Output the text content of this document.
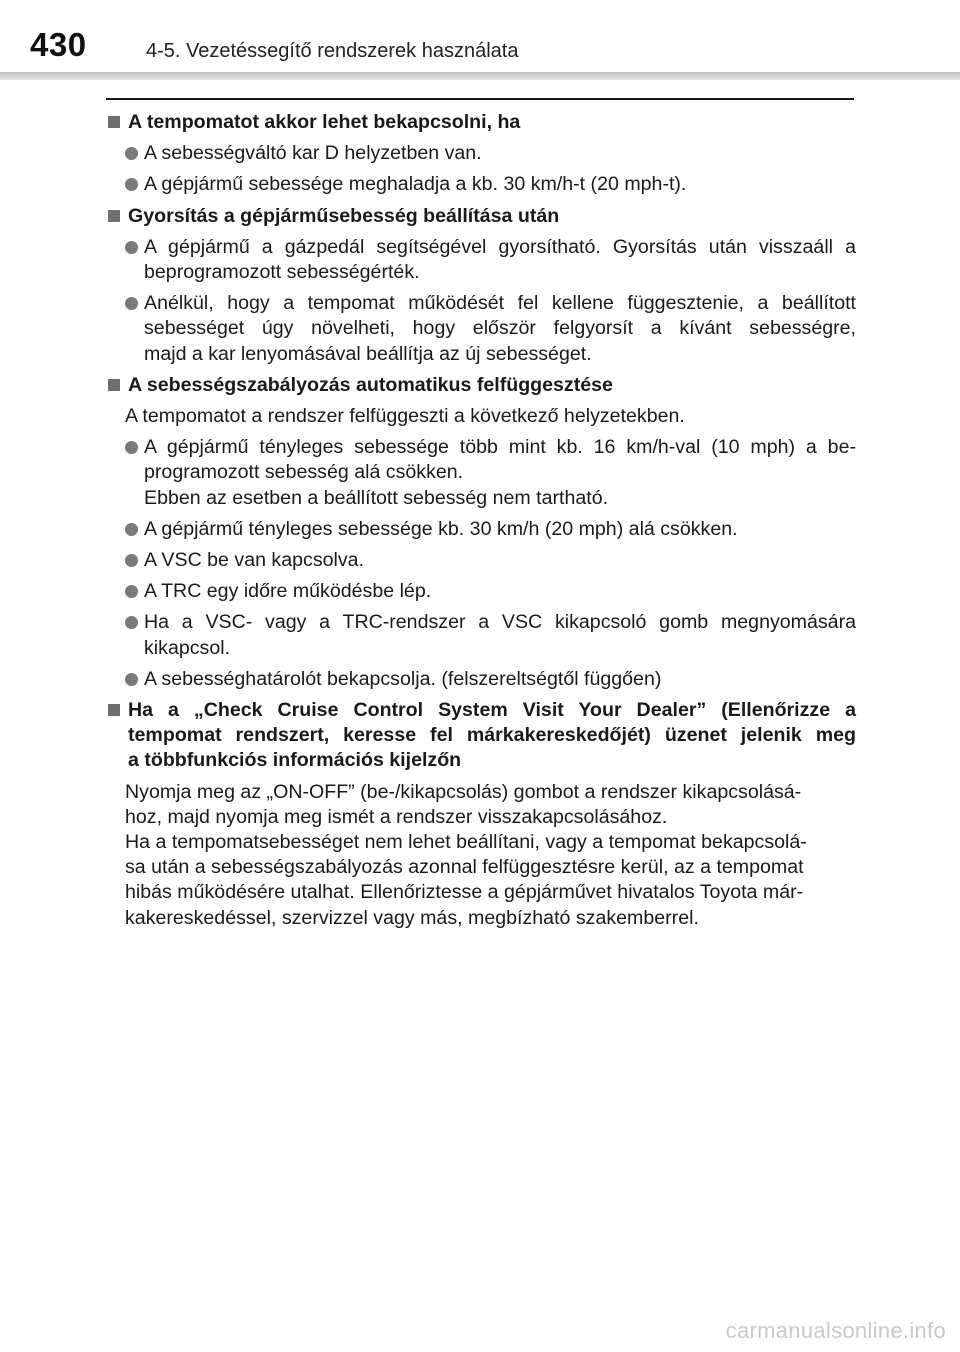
430	4-5. Vezetéssegítő rendszerek használata
A tempomatot akkor lehet bekapcsolni, ha
A sebességváltó kar D helyzetben van.
A gépjármű sebessége meghaladja a kb. 30 km/h-t (20 mph-t).
Gyorsítás a gépjárműsebesség beállítása után
A gépjármű a gázpedál segítségével gyorsítható. Gyorsítás után visszaáll a
beprogramozott sebességérték.
Anélkül, hogy a tempomat működését fel kellene függesztenie, a beállított
sebességet úgy növelheti, hogy először felgyorsít a kívánt sebességre,
majd a kar lenyomásával beállítja az új sebességet.
A sebességszabályozás automatikus felfüggesztése
A tempomatot a rendszer felfüggeszti a következő helyzetekben.
A gépjármű tényleges sebessége több mint kb. 16 km/h-val (10 mph) a be-
programozott sebesség alá csökken.
Ebben az esetben a beállított sebesség nem tartható.
A gépjármű tényleges sebessége kb. 30 km/h (20 mph) alá csökken.
A VSC be van kapcsolva.
A TRC egy időre működésbe lép.
Ha a VSC- vagy a TRC-rendszer a VSC kikapcsoló gomb megnyomására
kikapcsol.
A sebességhatárolót bekapcsolja. (felszereltségtől függően)
Ha a „Check Cruise Control System Visit Your Dealer” (Ellenőrizze a
tempomat rendszert, keresse fel márkakereskedőjét) üzenet jelenik meg
a többfunkciós információs kijelzőn
Nyomja meg az „ON-OFF” (be-/kikapcsolás) gombot a rendszer kikapcsolásá-
hoz, majd nyomja meg ismét a rendszer visszakapcsolásához.
Ha a tempomatsebességet nem lehet beállítani, vagy a tempomat bekapcsolá-
sa után a sebességszabályozás azonnal felfüggesztésre kerül, az a tempomat
hibás működésére utalhat. Ellenőriztesse a gépjárművet hivatalos Toyota már-
kakereskedéssel, szervizzel vagy más, megbízható szakemberrel.
carmanualsonline.info
